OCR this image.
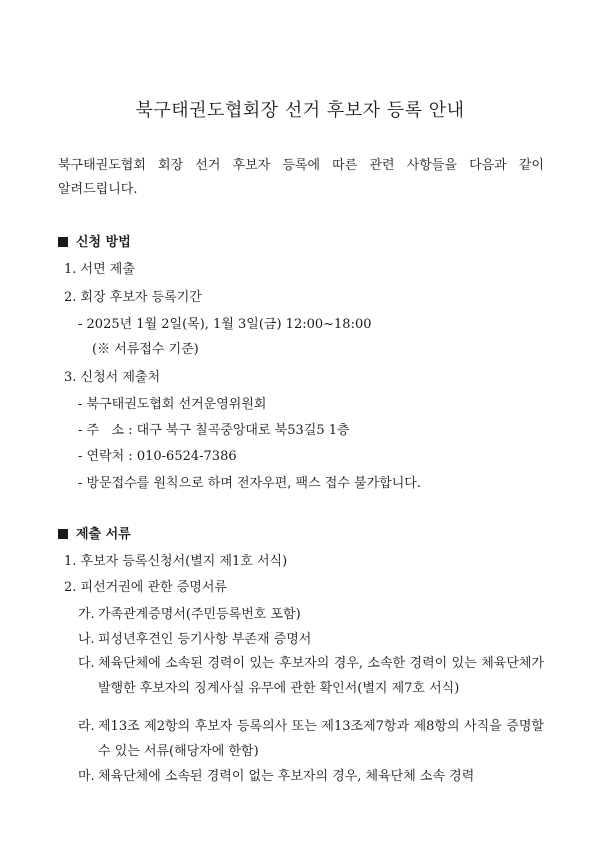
북구태권도협회장 선거 후보자 등록 안내
북구태권도협회 회장 선거 후보자 등록에 따른 관련 사항들을 다음과 같이 알려드립니다.
신청 방법
1. 서면 제출
2. 회장 후보자 등록기간
- 2025년 1월 2일(목), 1월 3일(금) 12:00~18:00
(※ 서류접수 기준)
3. 신청서 제출처
- 북구태권도협회 선거운영위원회
- 주   소 : 대구 북구 칠곡중앙대로 북53길5 1층
- 연락처 : 010-6524-7386
- 방문접수를 원칙으로 하며 전자우편, 팩스 접수 불가합니다.
제출 서류
1. 후보자 등록신청서(별지 제1호 서식)
2. 피선거권에 관한 증명서류
가. 가족관계증명서(주민등록번호 포함)
나. 피성년후견인 등기사항 부존재 증명서
다. 체육단체에 소속된 경력이 있는 후보자의 경우, 소속한 경력이 있는 체육단체가 발행한 후보자의 징계사실 유무에 관한 확인서(별지 제7호 서식)
라. 제13조 제2항의 후보자 등록의사 또는 제13조제7항과 제8항의 사직을 증명할 수 있는 서류(해당자에 한함)
마. 체육단체에 소속된 경력이 없는 후보자의 경우, 체육단체 소속 경력
